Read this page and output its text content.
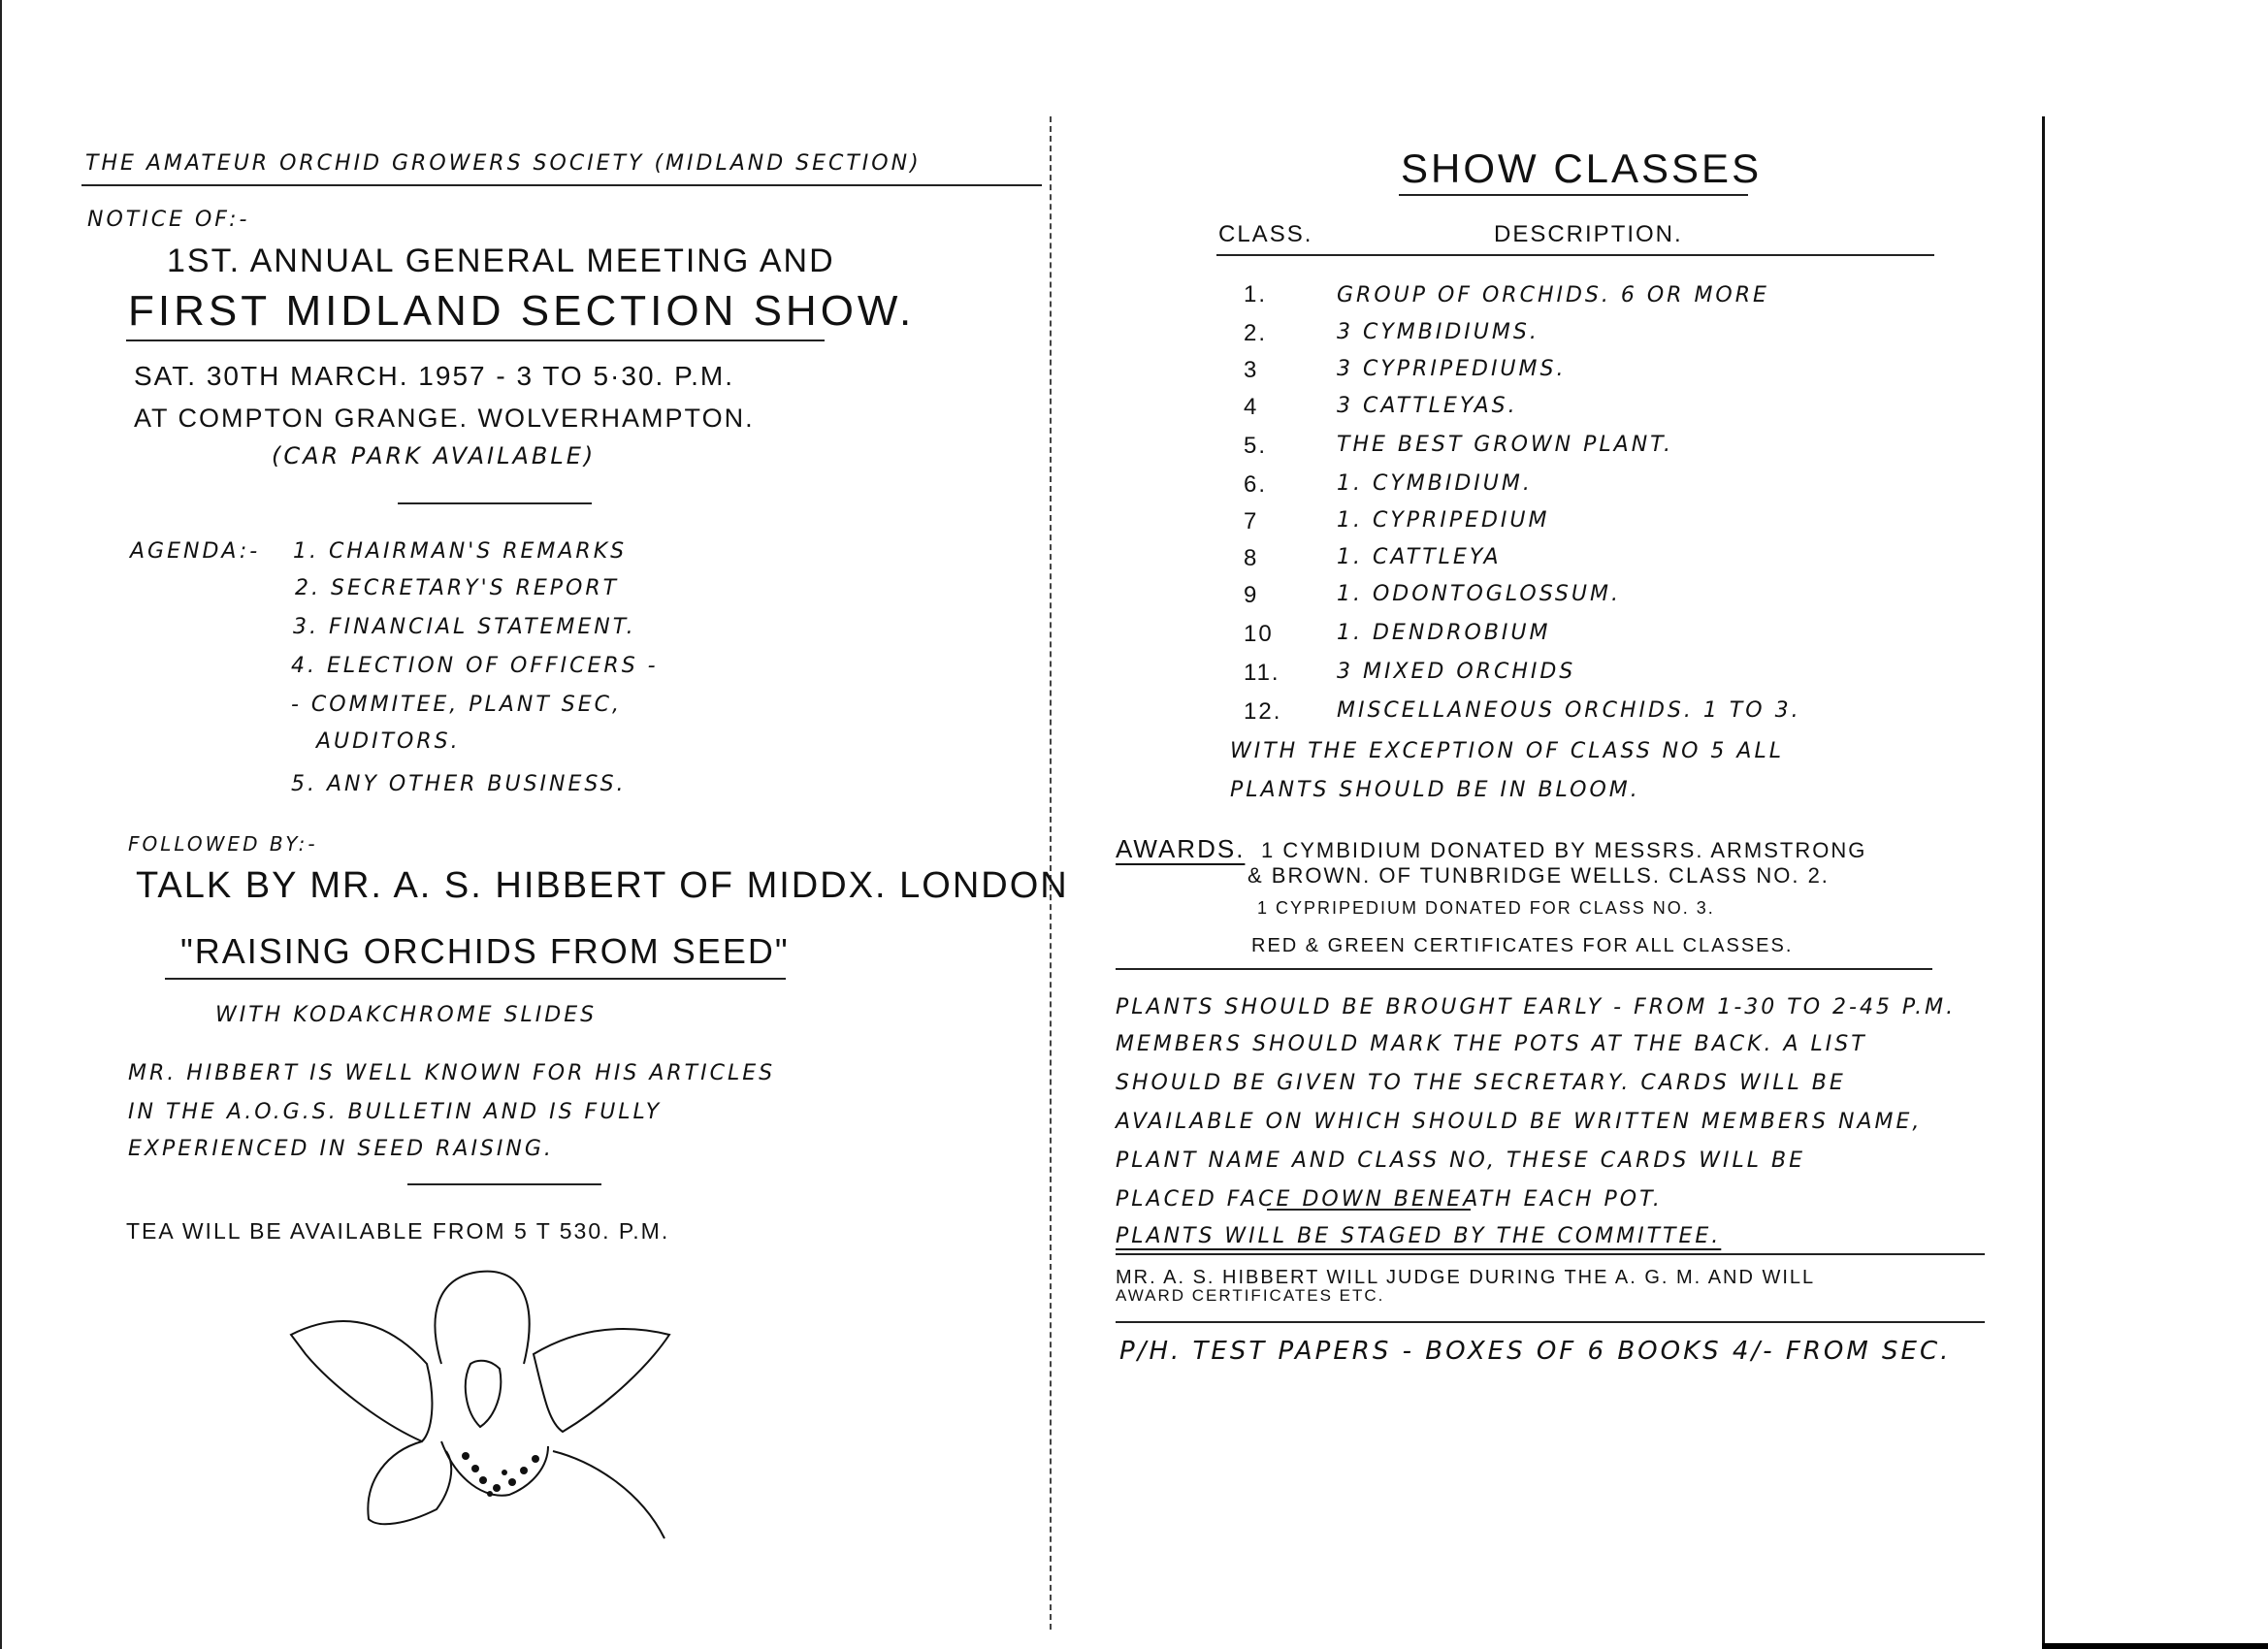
THE AMATEUR ORCHID GROWERS SOCIETY (MIDLAND SECTION)
NOTICE OF:-
1ST. ANNUAL GENERAL MEETING AND
FIRST MIDLAND SECTION SHOW.
SAT. 30TH MARCH. 1957 - 3 TO 5·30. P.M.
AT COMPTON GRANGE. WOLVERHAMPTON.
(CAR PARK AVAILABLE)
AGENDA:- 1. CHAIRMAN'S REMARKS
2. SECRETARY'S REPORT
3. FINANCIAL STATEMENT.
4. ELECTION OF OFFICERS -
- COMMITEE, PLANT SEC,
AUDITORS.
5. ANY OTHER BUSINESS.
FOLLOWED BY:-
TALK BY MR. A. S. HIBBERT OF MIDDX. LONDON
"RAISING ORCHIDS FROM SEED"
WITH KODAKCHROME SLIDES
MR. HIBBERT IS WELL KNOWN FOR HIS ARTICLES
IN THE A.O.G.S. BULLETIN AND IS FULLY
EXPERIENCED IN SEED RAISING.
TEA WILL BE AVAILABLE FROM 5 T 530. P.M.
SHOW CLASSES
CLASS.	DESCRIPTION.
1.	GROUP OF ORCHIDS. 6 OR MORE
2.	3 CYMBIDIUMS.
3	3 CYPRIPEDIUMS.
4	3 CATTLEYAS.
5.	THE BEST GROWN PLANT.
6.	1. CYMBIDIUM.
7	1. CYPRIPEDIUM
8	1. CATTLEYA
9	1. ODONTOGLOSSUM.
10	1. DENDROBIUM
11.	3 MIXED ORCHIDS
12.	MISCELLANEOUS ORCHIDS. 1 TO 3.
WITH THE EXCEPTION OF CLASS NO 5 ALL
PLANTS SHOULD BE IN BLOOM.
AWARDS. 1 CYMBIDIUM DONATED BY MESSRS. ARMSTRONG
& BROWN. OF TUNBRIDGE WELLS. CLASS NO. 2.
1 CYPRIPEDIUM DONATED FOR CLASS NO. 3.
RED & GREEN CERTIFICATES FOR ALL CLASSES.
PLANTS SHOULD BE BROUGHT EARLY - FROM 1-30 TO 2-45 P.M.
MEMBERS SHOULD MARK THE POTS AT THE BACK. A LIST
SHOULD BE GIVEN TO THE SECRETARY. CARDS WILL BE
AVAILABLE ON WHICH SHOULD BE WRITTEN MEMBERS NAME,
PLANT NAME AND CLASS NO, THESE CARDS WILL BE
PLACED FACE DOWN BENEATH EACH POT.
PLANTS WILL BE STAGED BY THE COMMITTEE.
MR. A. S. HIBBERT WILL JUDGE DURING THE A. G. M. AND WILL
AWARD CERTIFICATES ETC.
P/H. TEST PAPERS - BOXES OF 6 BOOKS 4/- FROM SEC.
